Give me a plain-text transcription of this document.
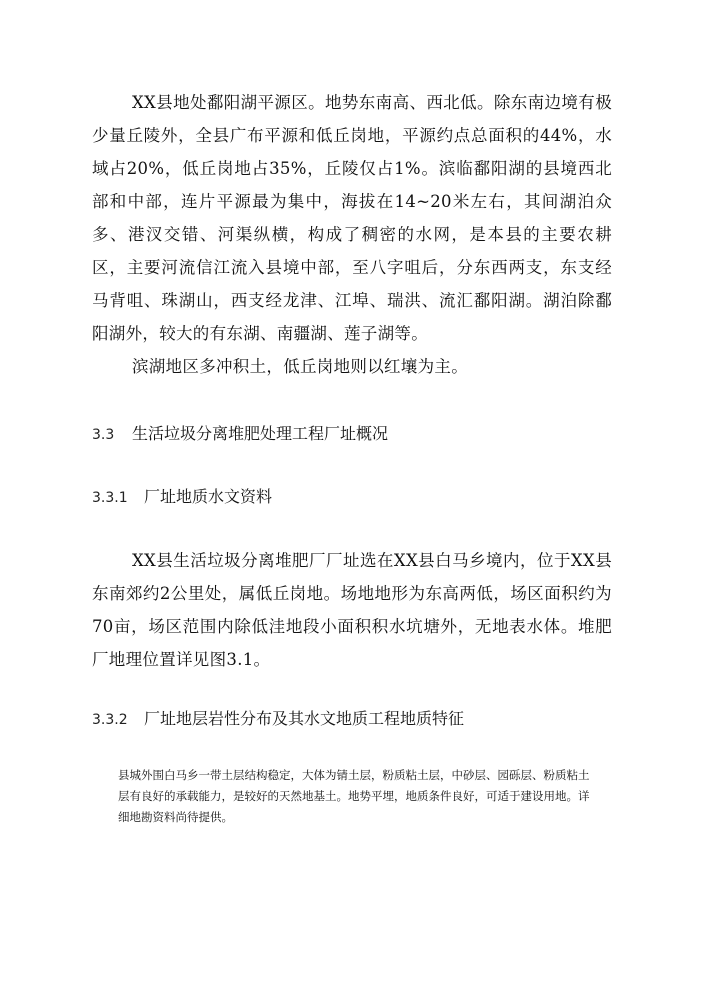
XX县地处鄱阳湖平源区。地势东南高、西北低。除东南边境有极少量丘陵外，全县广布平源和低丘岗地，平源约点总面积的44%，水域占20%，低丘岗地占35%，丘陵仅占1%。滨临鄱阳湖的县境西北部和中部，连片平源最为集中，海拔在14~20米左右，其间湖泊众多、港汊交错、河渠纵横，构成了稠密的水网，是本县的主要农耕区，主要河流信江流入县境中部，至八字咀后，分东西两支，东支经马背咀、珠湖山，西支经龙津、江埠、瑞洪、流汇鄱阳湖。湖泊除鄱阳湖外，较大的有东湖、南疆湖、莲子湖等。

滨湖地区多冲积土，低丘岗地则以红壤为主。

3.3 生活垃圾分离堆肥处理工程厂址概况
3.3.1 厂址地质水文资料

XX县生活垃圾分离堆肥厂厂址选在XX县白马乡境内，位于XX县东南郊约2公里处，属低丘岗地。场地地形为东高两低，场区面积约为70亩，场区范围内除低洼地段小面积积水坑塘外，无地表水体。堆肥厂地理位置详见图3.1。

3.3.2 厂址地层岩性分布及其水文地质工程地质特征

县城外围白马乡一带土层结构稳定，大体为锖土层，粉质粘土层，中砂层、园砾层、粉质粘土层有良好的承载能力，是较好的天然地基土。地势平埋，地质条件良好，可适于建设用地。详细地勘资料尚待提供。
